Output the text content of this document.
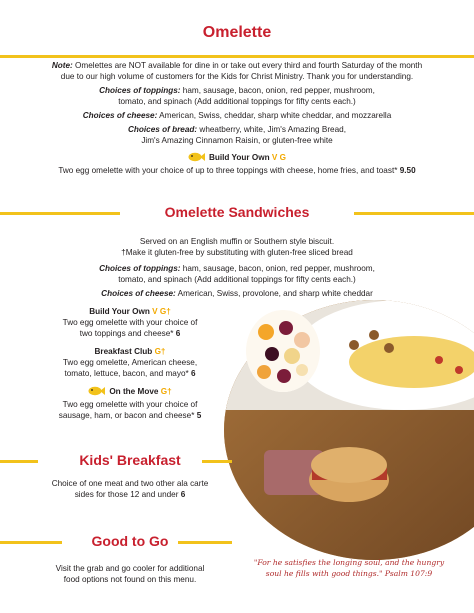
Omelette
Note: Omelettes are NOT available for dine in or take out every third and fourth Saturday of the month
due to our high volume of customers for the Kids for Christ Ministry. Thank you for understanding.
Choices of toppings: ham, sausage, bacon, onion, red pepper, mushroom,
tomato, and spinach (Add additional toppings for fifty cents each.)
Choices of cheese: American, Swiss, cheddar, sharp white cheddar, and mozzarella
Choices of bread: wheatberry, white, Jim's Amazing Bread,
Jim's Amazing Cinnamon Raisin, or gluten-free white
Build Your Own V G
Two egg omelette with your choice of up to three toppings with cheese, home fries, and toast* 9.50
Omelette Sandwiches
Served on an English muffin or Southern style biscuit.
†Make it gluten-free by substituting with gluten-free sliced bread
Choices of toppings: ham, sausage, bacon, onion, red pepper, mushroom,
tomato, and spinach (Add additional toppings for fifty cents each.)
Choices of cheese: American, Swiss, provolone, and sharp white cheddar
Build Your Own V G†
Two egg omelette with your choice of
two toppings and cheese* 6
Breakfast Club G†
Two egg omelette, American cheese,
tomato, lettuce, bacon, and mayo* 6
On the Move G†
Two egg omelette with your choice of
sausage, ham, or bacon and cheese* 5
Kids' Breakfast
Choice of one meat and two other ala carte
sides for those 12 and under 6
Good to Go
Visit the grab and go cooler for additional
food options not found on this menu.
"For he satisfies the longing soul, and the hungry
soul he fills with good things." Psalm 107:9
